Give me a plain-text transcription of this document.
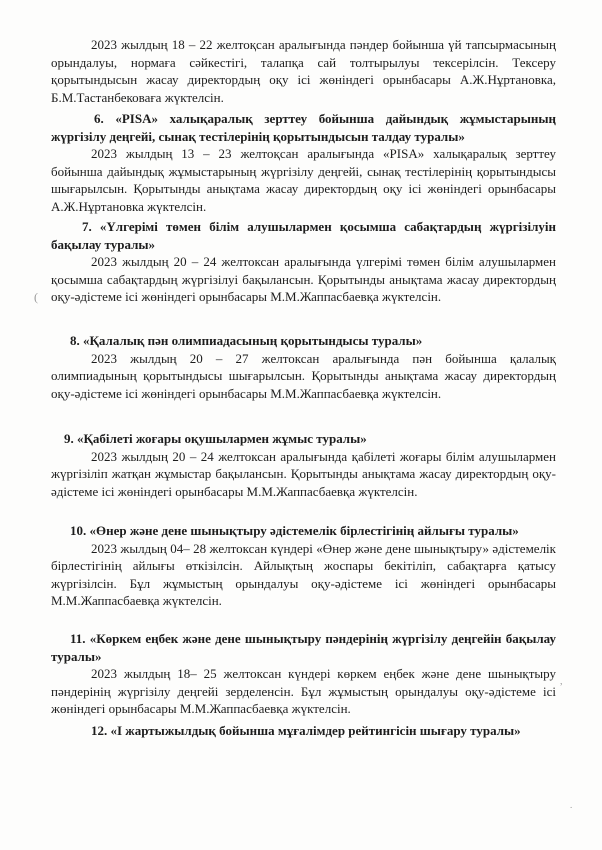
2023 жылдың 18 – 22 желтоқсан аралығында пәндер бойынша үй тапсырмасының орындалуы, нормаға сәйкестігі, талапқа сай толтырылуы тексерілсін. Тексеру қорытындысын жасау директордың оқу ісі жөніндегі орынбасары А.Ж.Нұртановка, Б.М.Тастанбековаға жүктелсін.

6. «PISA» халықаралық зерттеу бойынша дайындық жұмыстарының жүргізілу деңгейі, сынақ тестілерінің қорытындысын талдау туралы»

2023 жылдың 13 – 23 желтоқсан аралығында «PISA» халықаралық зерттеу бойынша дайындық жұмыстарының жүргізілу деңгейі, сынақ тестілерінің қорытындысы шығарылсын. Қорытынды анықтама жасау директордың оқу ісі жөніндегі орынбасары А.Ж.Нұртановка жүктелсін.

7. «Үлгерімі төмен білім алушылармен қосымша сабақтардың жүргізілуін бақылау туралы»

2023 жылдың 20 – 24 желтоксан аралығында үлгерімі төмен білім алушылармен қосымша сабақтардың жүргізілуі бақылансын. Қорытынды анықтама жасау директордың оқу-әдістеме ісі жөніндегі орынбасары М.М.Жаппасбаевқа жүктелсін.

8. «Қалалық пән олимпиадасының қорытындысы туралы»

2023 жылдың 20 – 27 желтоксан аралығында пән бойынша қалалық олимпиадының қорытындысы шығарылсын. Қорытынды анықтама жасау директордың оқу-әдістеме ісі жөніндегі орынбасары М.М.Жаппасбаевқа жүктелсін.

9. «Қабілеті жоғары оқушылармен жұмыс туралы»

2023 жылдың 20 – 24 желтоксан аралығында қабілеті жоғары білім алушылармен жүргізіліп жатқан жұмыстар бақылансын. Қорытынды анықтама жасау директордың оқу-әдістеме ісі жөніндегі орынбасары М.М.Жаппасбаевқа жүктелсін.

10. «Өнер және дене шынықтыру әдістемелік бірлестігінің айлығы туралы»

2023 жылдың 04– 28 желтоксан күндері «Өнер және дене шынықтыру» әдістемелік бірлестігінің айлығы өткізілсін. Айлықтың жоспары бекітіліп, сабақтарға қатысу жүргізілсін. Бұл жұмыстың орындалуы оқу-әдістеме ісі жөніндегі орынбасары М.М.Жаппасбаевқа жүктелсін.

11. «Көркем еңбек және дене шынықтыру пәндерінің жүргізілу деңгейін бақылау туралы»

2023 жылдың 18– 25 желтоксан күндері көркем еңбек және дене шынықтыру пәндерінің жүргізілу деңгейі зерделенсін. Бұл жұмыстың орындалуы оқу-әдістеме ісі жөніндегі орынбасары М.М.Жаппасбаевқа жүктелсін.

12. «І жартыжылдық бойынша мұғалімдер рейтингісін шығару туралы»

(
,
.
